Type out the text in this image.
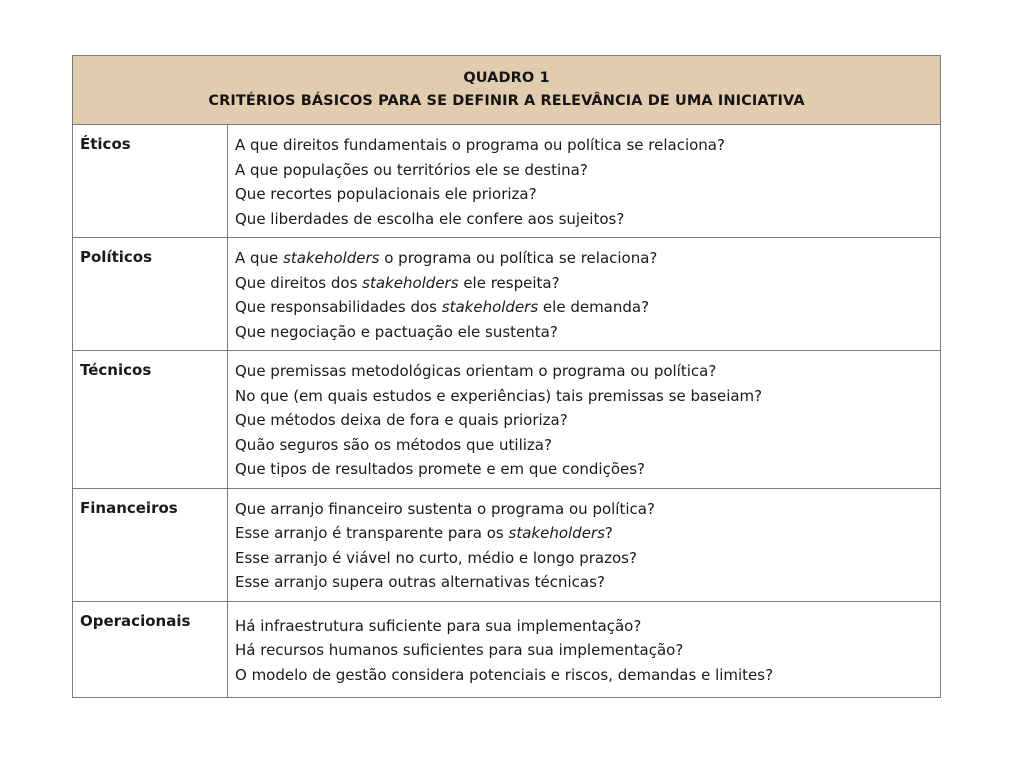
QUADRO 1
CRITÉRIOS BÁSICOS PARA SE DEFINIR A RELEVÂNCIA DE UMA INICIATIVA	

Éticos	A que direitos fundamentais o programa ou política se relaciona?
A que populações ou territórios ele se destina?
Que recortes populacionais ele prioriza?
Que liberdades de escolha ele confere aos sujeitos?

Políticos	A que stakeholders o programa ou política se relaciona?
Que direitos dos stakeholders ele respeita?
Que responsabilidades dos stakeholders ele demanda?
Que negociação e pactuação ele sustenta?

Técnicos	Que premissas metodológicas orientam o programa ou política?
No que (em quais estudos e experiências) tais premissas se baseiam?
Que métodos deixa de fora e quais prioriza?
Quão seguros são os métodos que utiliza?
Que tipos de resultados promete e em que condições?

Financeiros	Que arranjo financeiro sustenta o programa ou política?
Esse arranjo é transparente para os stakeholders?
Esse arranjo é viável no curto, médio e longo prazos?
Esse arranjo supera outras alternativas técnicas?

Operacionais	Há infraestrutura suficiente para sua implementação?
Há recursos humanos suficientes para sua implementação?
O modelo de gestão considera potenciais e riscos, demandas e limites?
